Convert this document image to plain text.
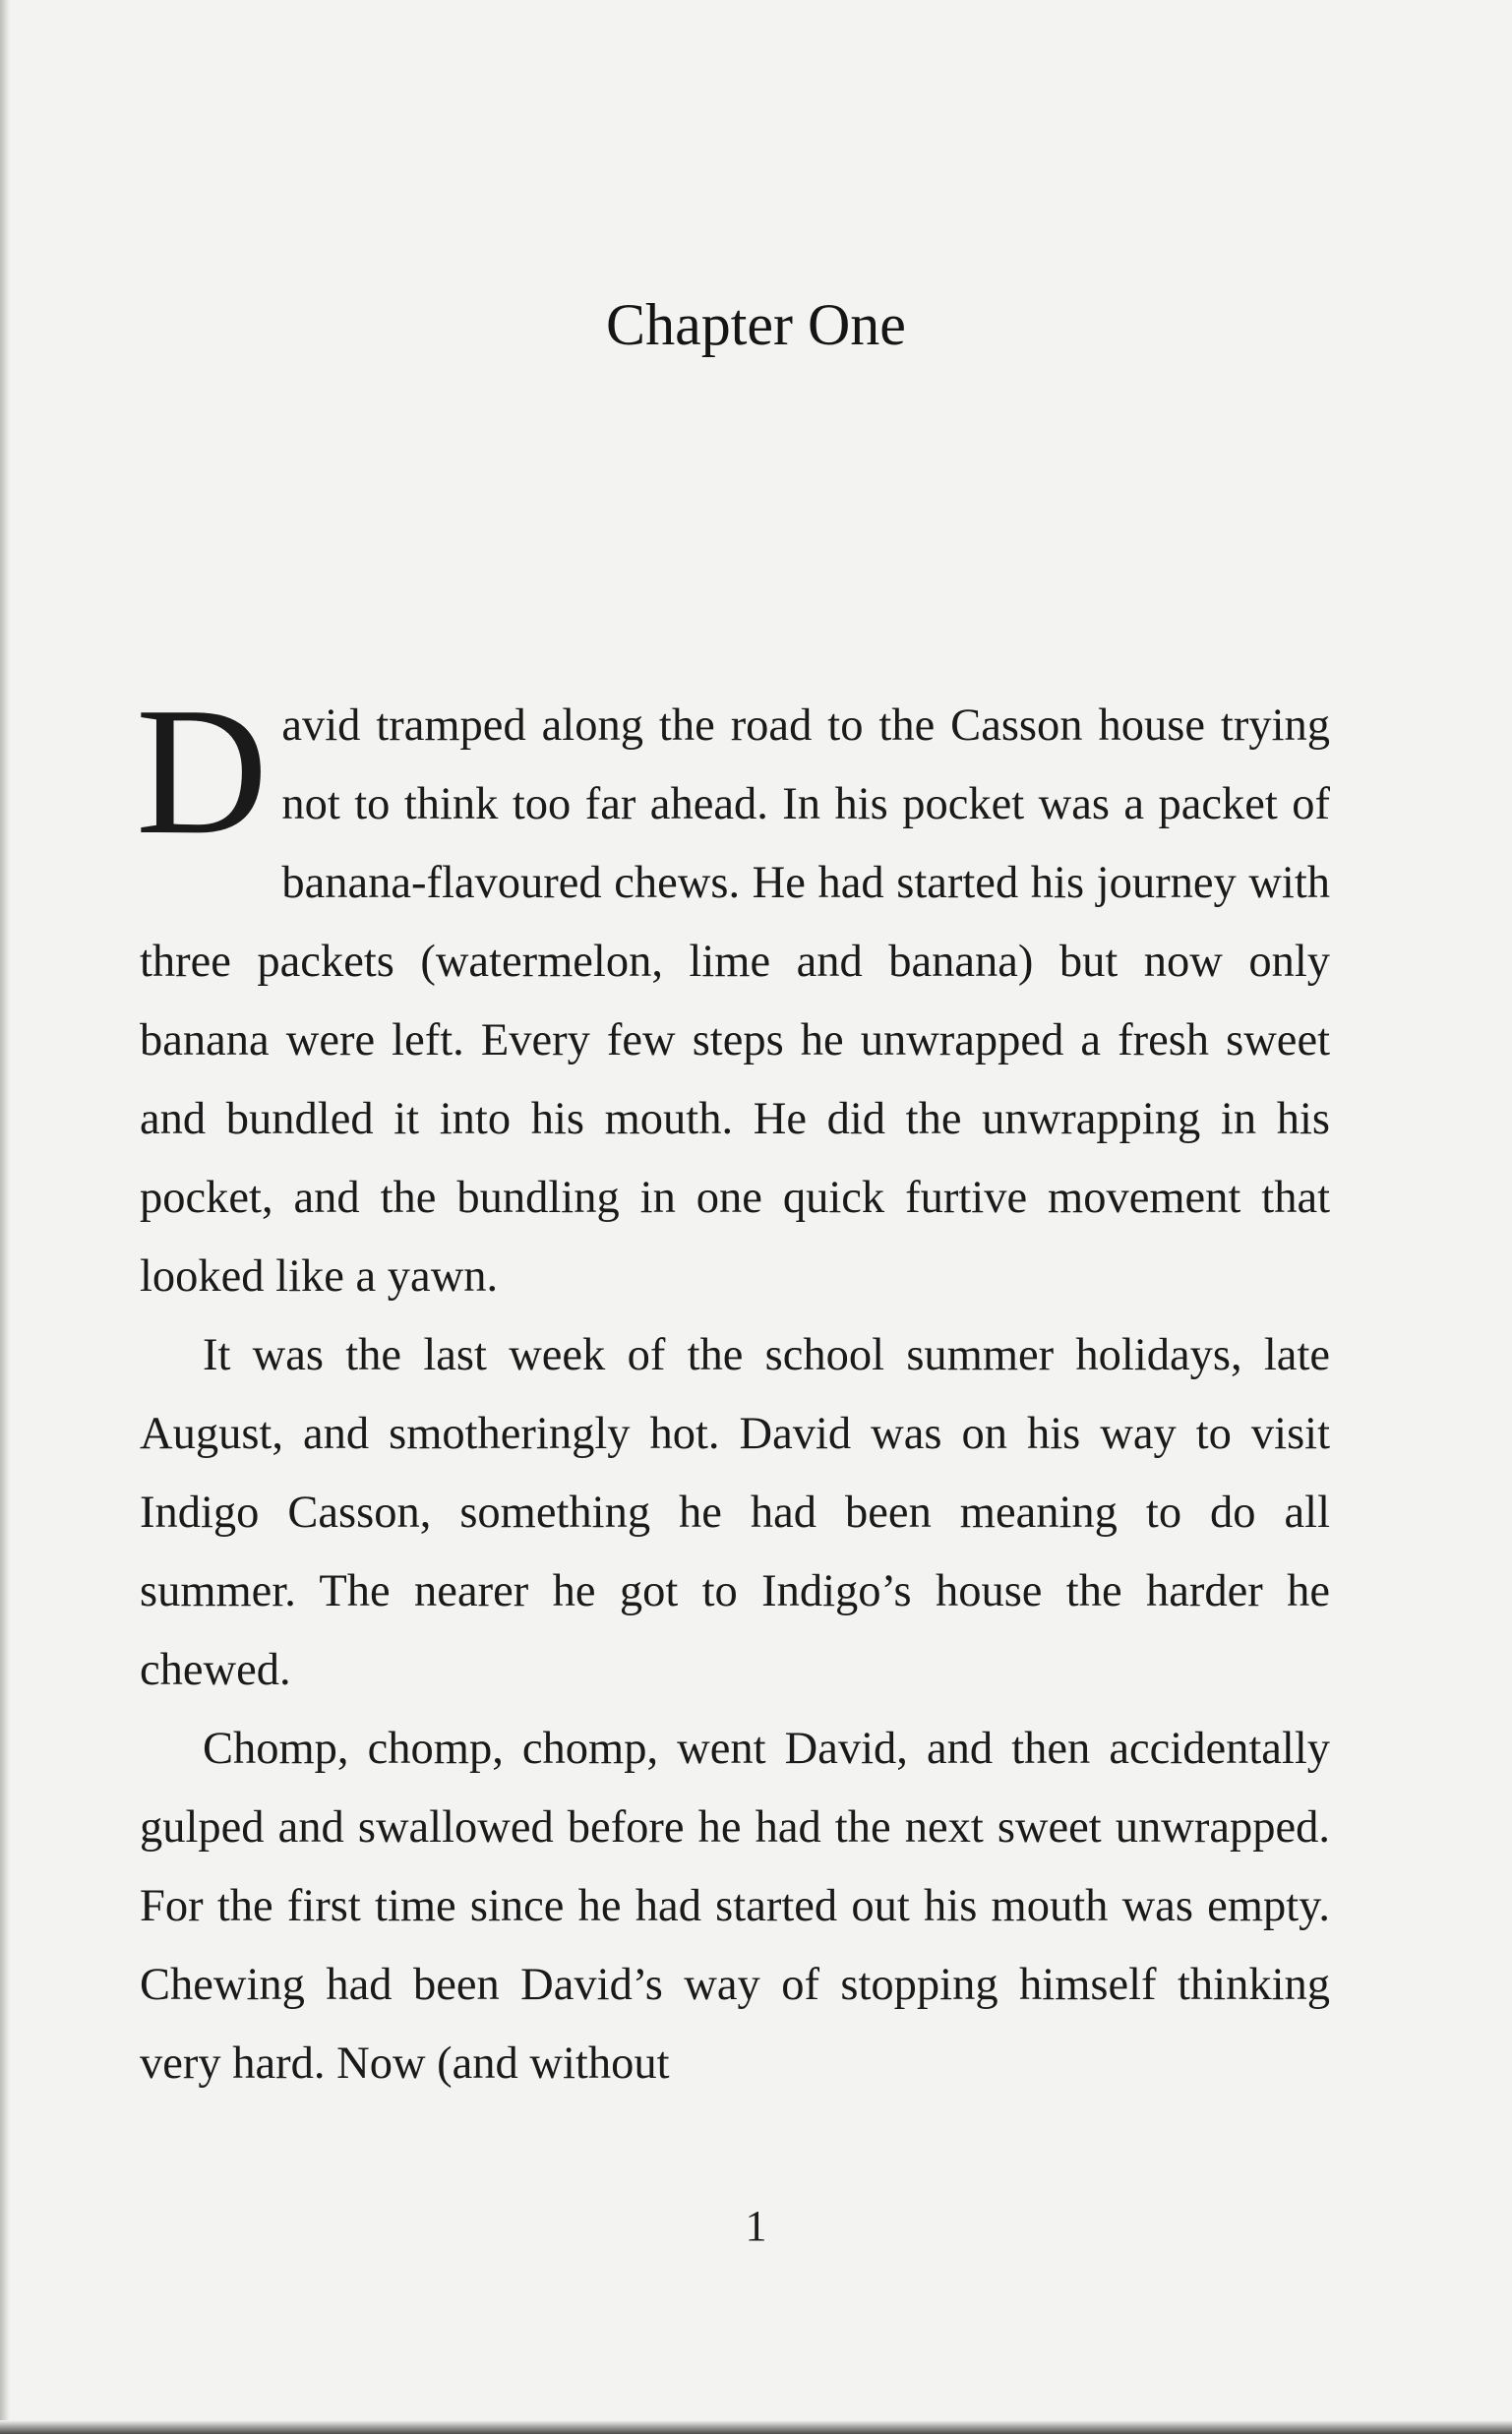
Chapter One

David tramped along the road to the Casson house trying not to think too far ahead. In his pocket was a packet of banana-flavoured chews. He had started his journey with three packets (watermelon, lime and banana) but now only banana were left. Every few steps he unwrapped a fresh sweet and bundled it into his mouth. He did the unwrapping in his pocket, and the bundling in one quick furtive movement that looked like a yawn.

It was the last week of the school summer holidays, late August, and smotheringly hot. David was on his way to visit Indigo Casson, something he had been meaning to do all summer. The nearer he got to Indigo’s house the harder he chewed.

Chomp, chomp, chomp, went David, and then accidentally gulped and swallowed before he had the next sweet unwrapped. For the first time since he had started out his mouth was empty. Chewing had been David’s way of stopping himself thinking very hard. Now (and without

1
